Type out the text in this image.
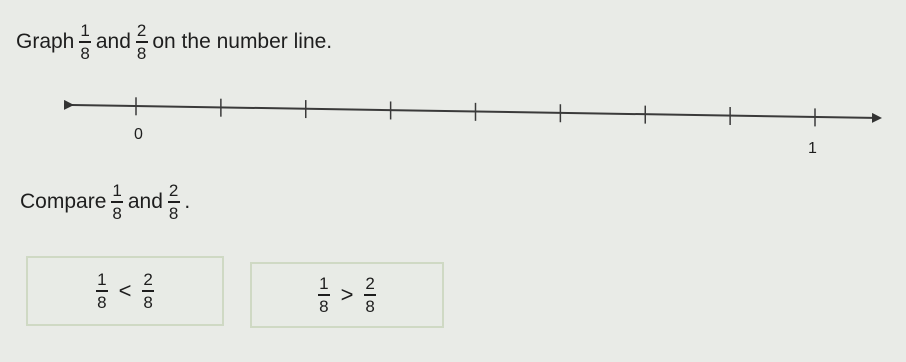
Graph $\frac{1}{8}$ and $\frac{2}{8}$ on the number line.
0
1
Compare $\frac{1}{8}$ and $\frac{2}{8}$ .
$\frac{1}{8} < \frac{2}{8}$	$\frac{1}{8} > \frac{2}{8}$
